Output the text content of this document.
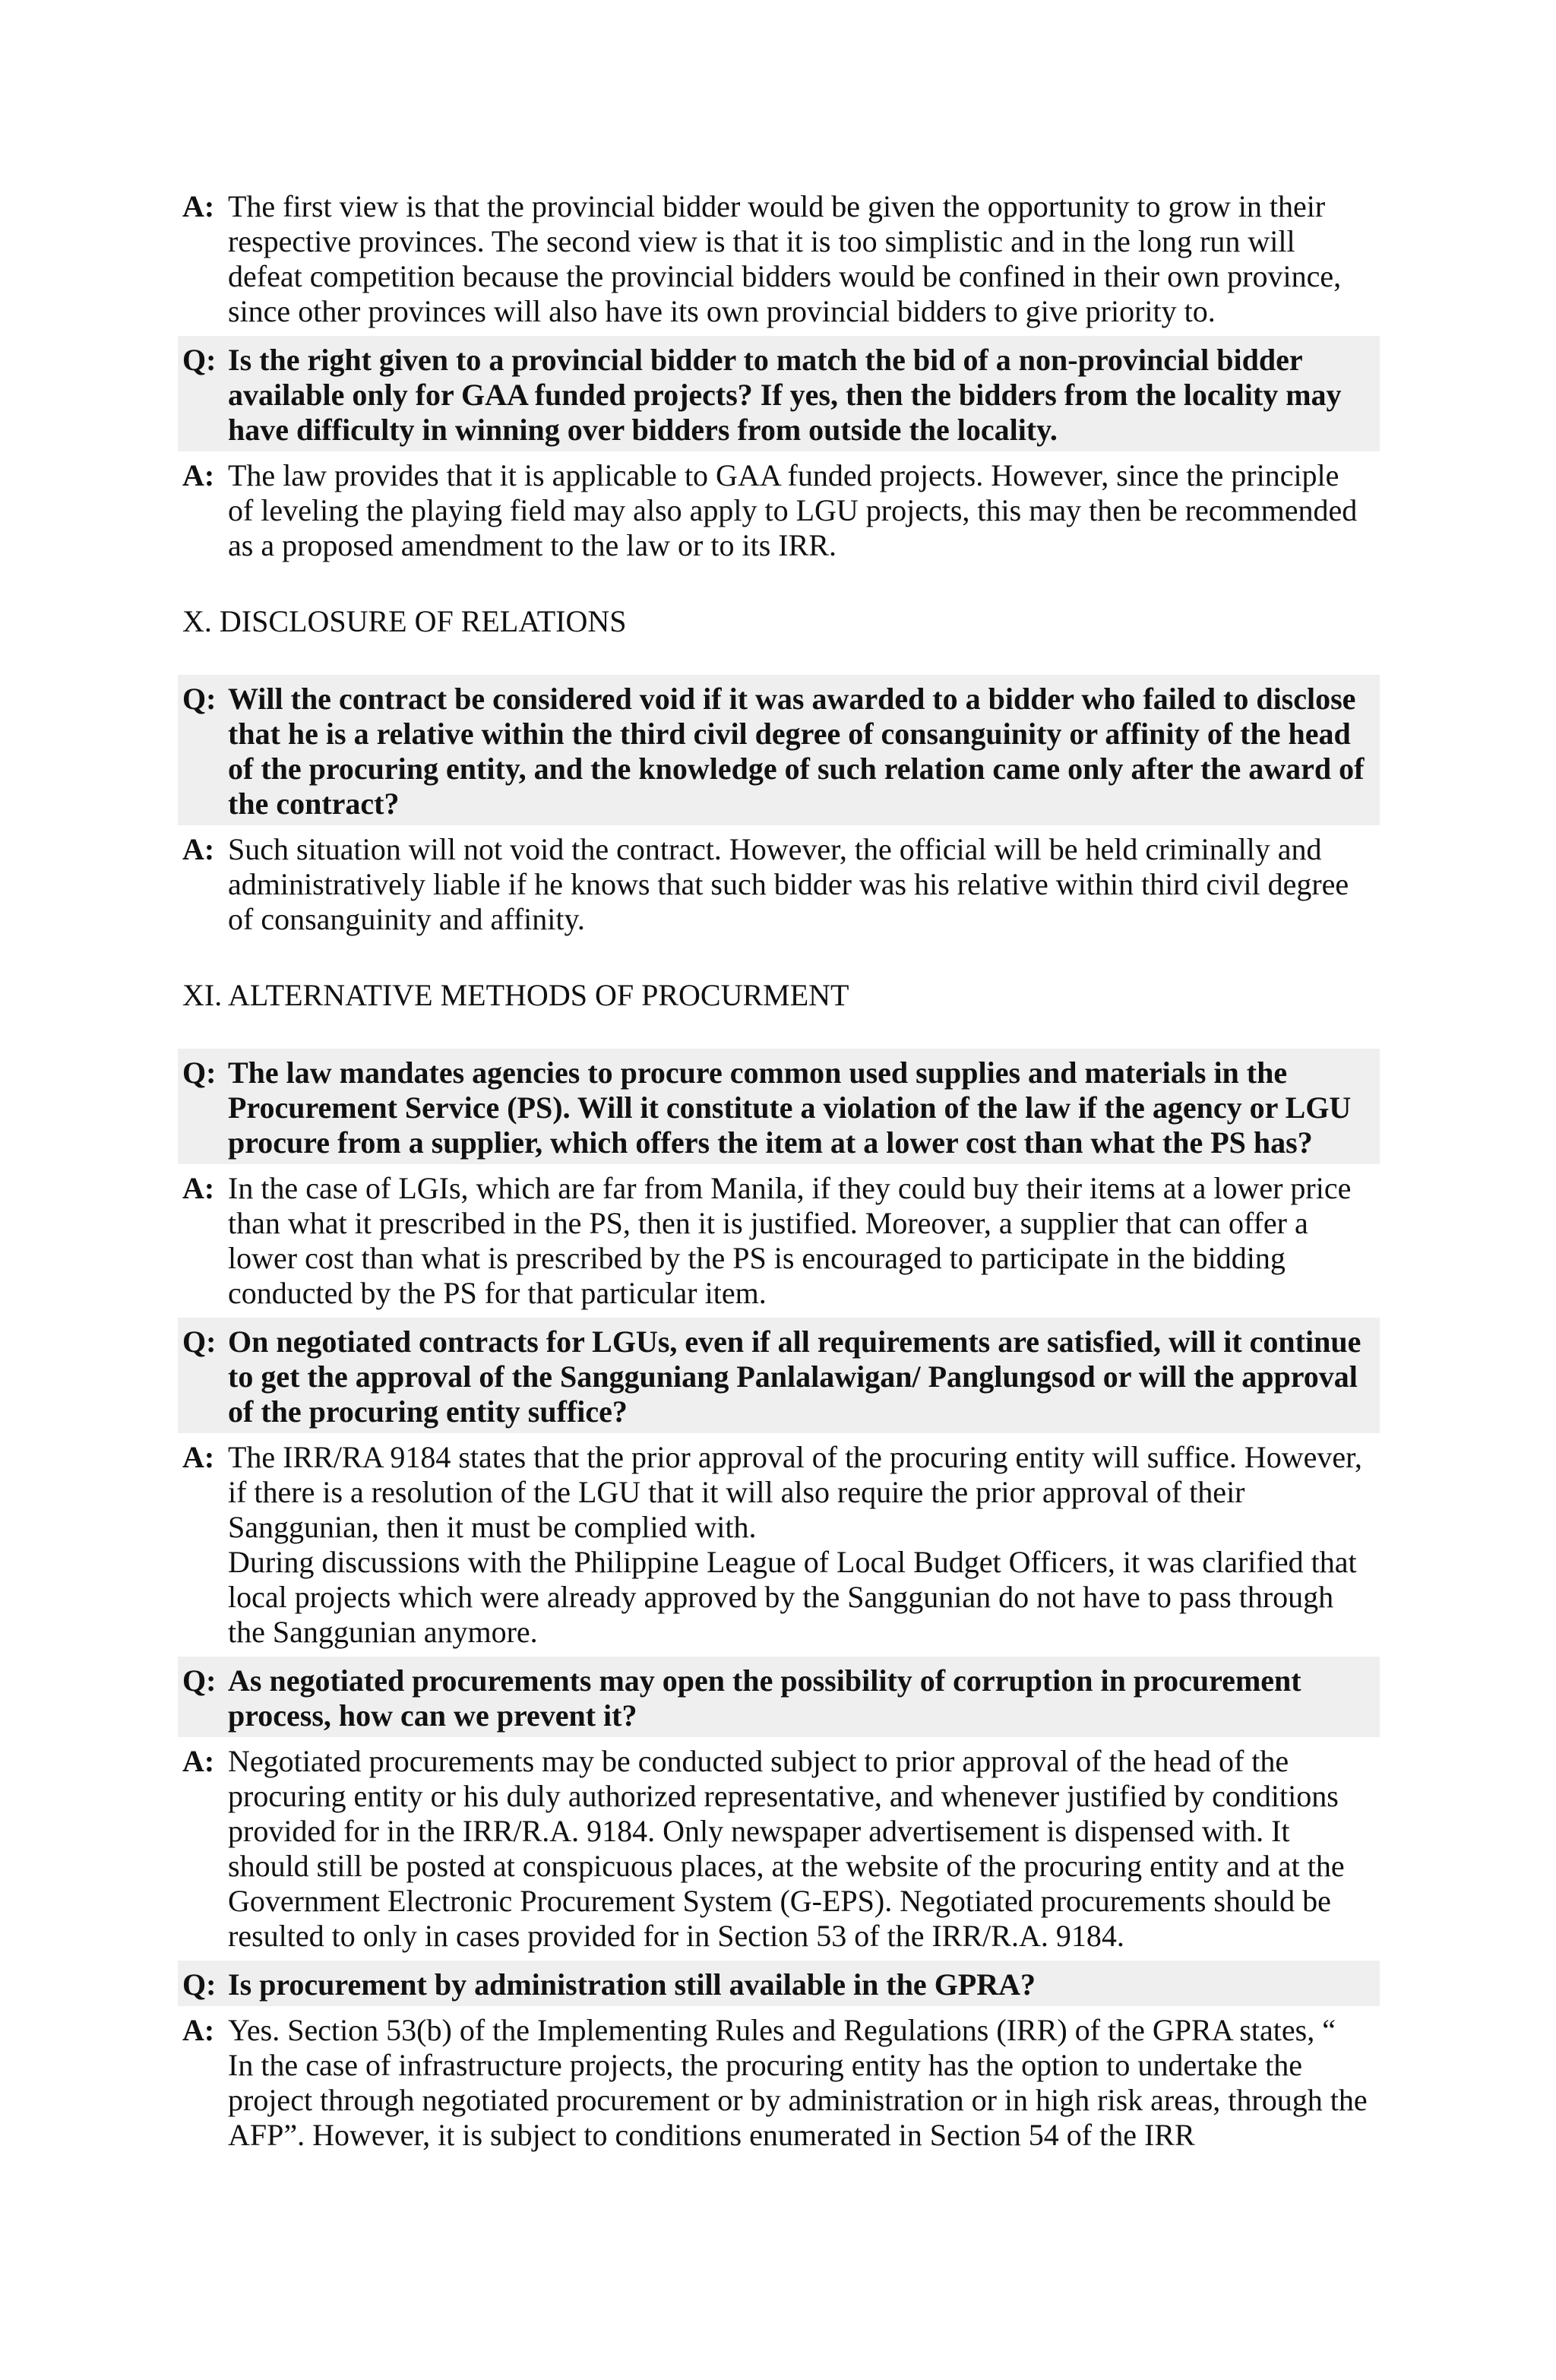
A: The first view is that the provincial bidder would be given the opportunity to grow in their
respective provinces. The second view is that it is too simplistic and in the long run will
defeat competition because the provincial bidders would be confined in their own province,
since other provinces will also have its own provincial bidders to give priority to.
Q: Is the right given to a provincial bidder to match the bid of a non-provincial bidder
available only for GAA funded projects? If yes, then the bidders from the locality may
have difficulty in winning over bidders from outside the locality.
A: The law provides that it is applicable to GAA funded projects. However, since the principle
of leveling the playing field may also apply to LGU projects, this may then be recommended
as a proposed amendment to the law or to its IRR.
X. DISCLOSURE OF RELATIONS
Q: Will the contract be considered void if it was awarded to a bidder who failed to disclose
that he is a relative within the third civil degree of consanguinity or affinity of the head
of the procuring entity, and the knowledge of such relation came only after the award of
the contract?
A: Such situation will not void the contract. However, the official will be held criminally and
administratively liable if he knows that such bidder was his relative within third civil degree
of consanguinity and affinity.
XI. ALTERNATIVE METHODS OF PROCURMENT
Q: The law mandates agencies to procure common used supplies and materials in the
Procurement Service (PS). Will it constitute a violation of the law if the agency or LGU
procure from a supplier, which offers the item at a lower cost than what the PS has?
A: In the case of LGIs, which are far from Manila, if they could buy their items at a lower price
than what it prescribed in the PS, then it is justified. Moreover, a supplier that can offer a
lower cost than what is prescribed by the PS is encouraged to participate in the bidding
conducted by the PS for that particular item.
Q: On negotiated contracts for LGUs, even if all requirements are satisfied, will it continue
to get the approval of the Sangguniang Panlalawigan/ Panglungsod or will the approval
of the procuring entity suffice?
A: The IRR/RA 9184 states that the prior approval of the procuring entity will suffice. However,
if there is a resolution of the LGU that it will also require the prior approval of their
Sanggunian, then it must be complied with.
During discussions with the Philippine League of Local Budget Officers, it was clarified that
local projects which were already approved by the Sanggunian do not have to pass through
the Sanggunian anymore.
Q: As negotiated procurements may open the possibility of corruption in procurement
process, how can we prevent it?
A: Negotiated procurements may be conducted subject to prior approval of the head of the
procuring entity or his duly authorized representative, and whenever justified by conditions
provided for in the IRR/R.A. 9184. Only newspaper advertisement is dispensed with. It
should still be posted at conspicuous places, at the website of the procuring entity and at the
Government Electronic Procurement System (G-EPS). Negotiated procurements should be
resulted to only in cases provided for in Section 53 of the IRR/R.A. 9184.
Q: Is procurement by administration still available in the GPRA?
A: Yes. Section 53(b) of the Implementing Rules and Regulations (IRR) of the GPRA states, “
In the case of infrastructure projects, the procuring entity has the option to undertake the
project through negotiated procurement or by administration or in high risk areas, through the
AFP”. However, it is subject to conditions enumerated in Section 54 of the IRR
